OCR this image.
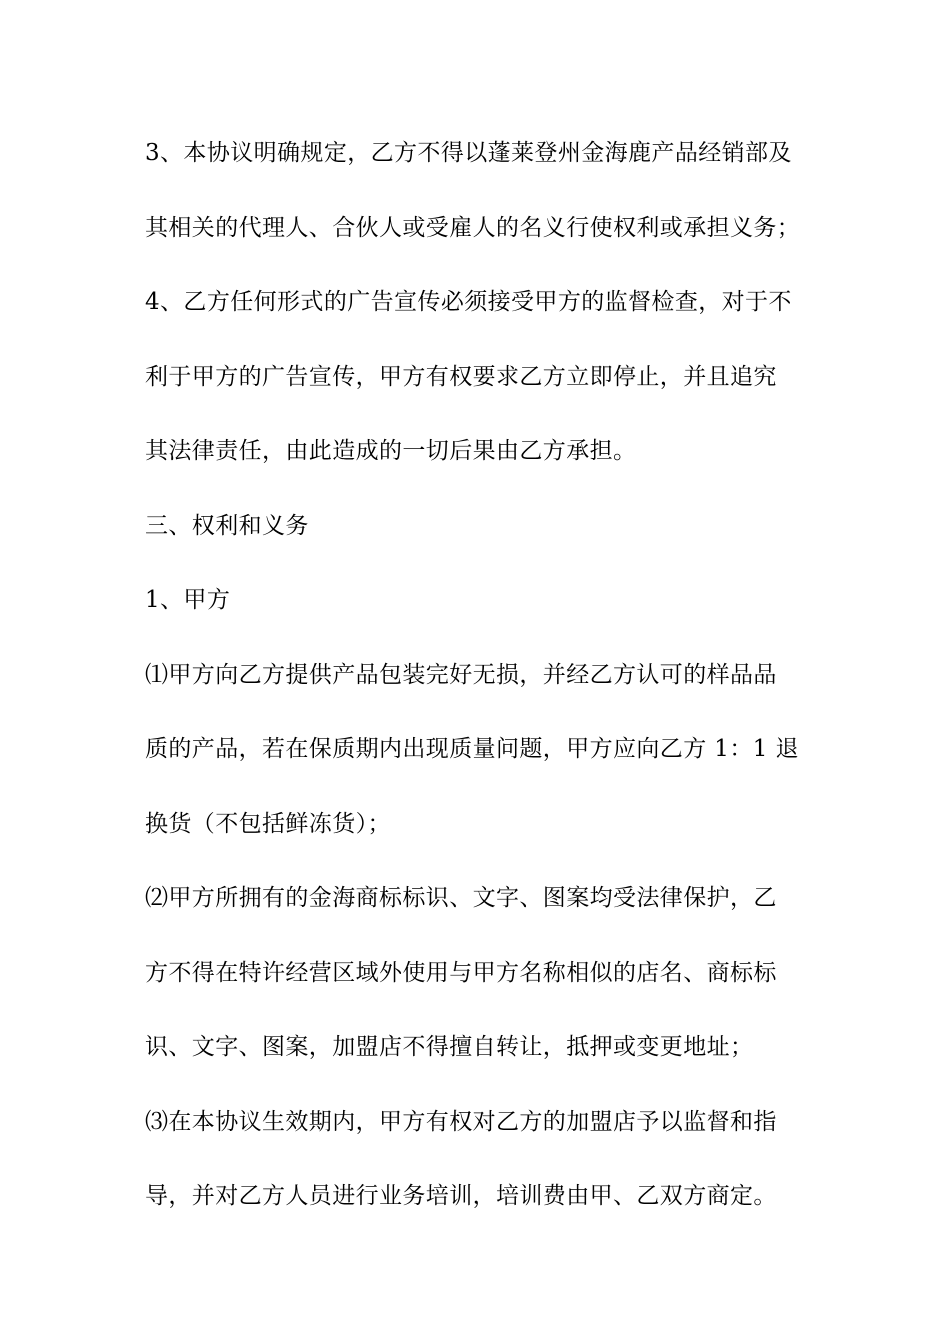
3、本协议明确规定，乙方不得以蓬莱登州金海鹿产品经销部及
其相关的代理人、合伙人或受雇人的名义行使权利或承担义务；
4、乙方任何形式的广告宣传必须接受甲方的监督检查，对于不
利于甲方的广告宣传，甲方有权要求乙方立即停止，并且追究
其法律责任，由此造成的一切后果由乙方承担。
三、权利和义务
1、甲方
⑴甲方向乙方提供产品包装完好无损，并经乙方认可的样品品
质的产品，若在保质期内出现质量问题，甲方应向乙方 1：1 退
换货（不包括鲜冻货）；
⑵甲方所拥有的金海商标标识、文字、图案均受法律保护，乙
方不得在特许经营区域外使用与甲方名称相似的店名、商标标
识、文字、图案，加盟店不得擅自转让，抵押或变更地址；
⑶在本协议生效期内，甲方有权对乙方的加盟店予以监督和指
导，并对乙方人员进行业务培训，培训费由甲、乙双方商定。
